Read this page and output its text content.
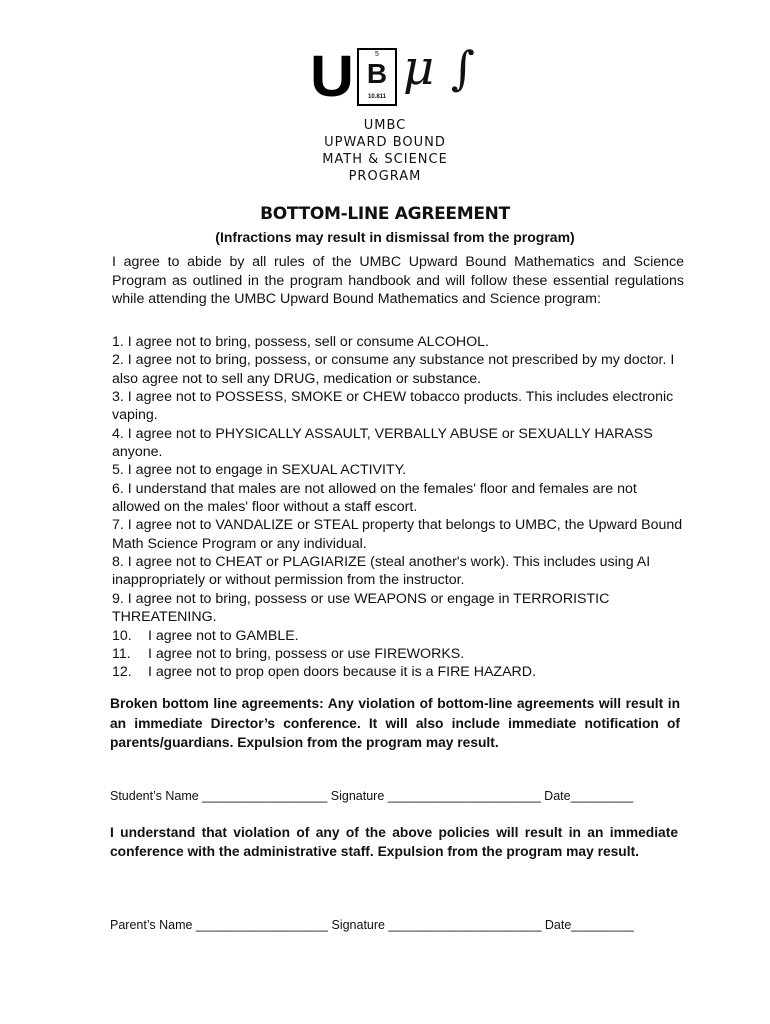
U	5
B
10.811
μ ∫
UMBC
UPWARD BOUND
MATH & SCIENCE
PROGRAM
BOTTOM-LINE AGREEMENT
(Infractions may result in dismissal from the program)
I agree to abide by all rules of the UMBC Upward Bound Mathematics and Science Program as outlined in the program handbook and will follow these essential regulations while attending the UMBC Upward Bound Mathematics and Science program:
1. I agree not to bring, possess, sell or consume ALCOHOL.
2. I agree not to bring, possess, or consume any substance not prescribed by my doctor. I also agree not to sell any DRUG, medication or substance.
3. I agree not to POSSESS, SMOKE or CHEW tobacco products. This includes electronic vaping.
4. I agree not to PHYSICALLY ASSAULT, VERBALLY ABUSE or SEXUALLY HARASS anyone.
5. I agree not to engage in SEXUAL ACTIVITY.
6. I understand that males are not allowed on the females' floor and females are not allowed on the males' floor without a staff escort.
7. I agree not to VANDALIZE or STEAL property that belongs to UMBC, the Upward Bound Math Science Program or any individual.
8. I agree not to CHEAT or PLAGIARIZE (steal another's work). This includes using AI inappropriately or without permission from the instructor.
9. I agree not to bring, possess or use WEAPONS or engage in TERRORISTIC THREATENING.
10. I agree not to GAMBLE.
11. I agree not to bring, possess or use FIREWORKS.
12. I agree not to prop open doors because it is a FIRE HAZARD.
Broken bottom line agreements: Any violation of bottom-line agreements will result in an immediate Director’s conference. It will also include immediate notification of parents/guardians. Expulsion from the program may result.
Student’s Name __________________ Signature ______________________ Date_________
I understand that violation of any of the above policies will result in an immediate conference with the administrative staff. Expulsion from the program may result.
Parent’s Name ___________________ Signature ______________________ Date_________
